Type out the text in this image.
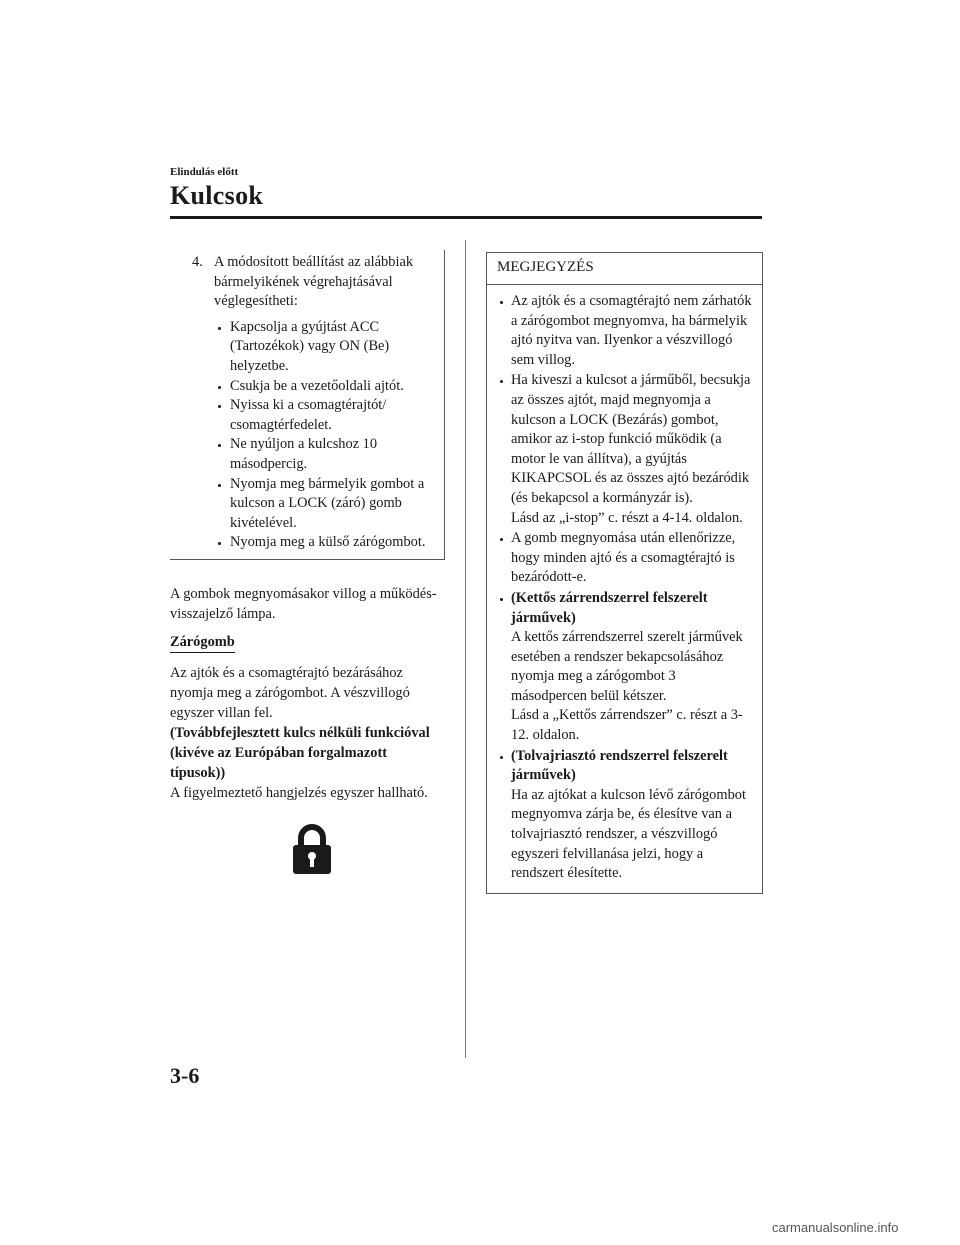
Elindulás előtt
Kulcsok
4. A módosított beállítást az alábbiak bármelyikének végrehajtásával véglegesítheti:
Kapcsolja a gyújtást ACC (Tartozékok) vagy ON (Be) helyzetbe.
Csukja be a vezetőoldali ajtót.
Nyissa ki a csomagtérajtót/ csomagtérfedelet.
Ne nyúljon a kulcshoz 10 másodpercig.
Nyomja meg bármelyik gombot a kulcson a LOCK (záró) gomb kivételével.
Nyomja meg a külső zárógombot.

A gombok megnyomásakor villog a működés-visszajelző lámpa.

Zárógomb

Az ajtók és a csomagtérajtó bezárásához nyomja meg a zárógombot. A vészvillogó egyszer villan fel.

(Továbbfejlesztett kulcs nélküli funkcióval (kivéve az Európában forgalmazott típusok))

A figyelmeztető hangjelzés egyszer hallható.

MEGJEGYZÉS
Az ajtók és a csomagtérajtó nem zárhatók a zárógombot megnyomva, ha bármelyik ajtó nyitva van. Ilyenkor a vészvillogó sem villog.
Ha kiveszi a kulcsot a járműből, becsukja az összes ajtót, majd megnyomja a kulcson a LOCK (Bezárás) gombot, amikor az i-stop funkció működik (a motor le van állítva), a gyújtás KIKAPCSOL és az összes ajtó bezáródik (és bekapcsol a kormányzár is).
Lásd az „i-stop” c. részt a 4-14. oldalon.
A gomb megnyomása után ellenőrizze, hogy minden ajtó és a csomagtérajtó is bezáródott-e.
(Kettős zárrendszerrel felszerelt járművek)
A kettős zárrendszerrel szerelt járművek esetében a rendszer bekapcsolásához nyomja meg a zárógombot 3 másodpercen belül kétszer.
Lásd a „Kettős zárrendszer” c. részt a 3-12. oldalon.
(Tolvajriasztó rendszerrel felszerelt járművek)
Ha az ajtókat a kulcson lévő zárógombot megnyomva zárja be, és élesítve van a tolvajriasztó rendszer, a vészvillogó egyszeri felvillanása jelzi, hogy a rendszert élesítette.
3-6
carmanualsonline.info
